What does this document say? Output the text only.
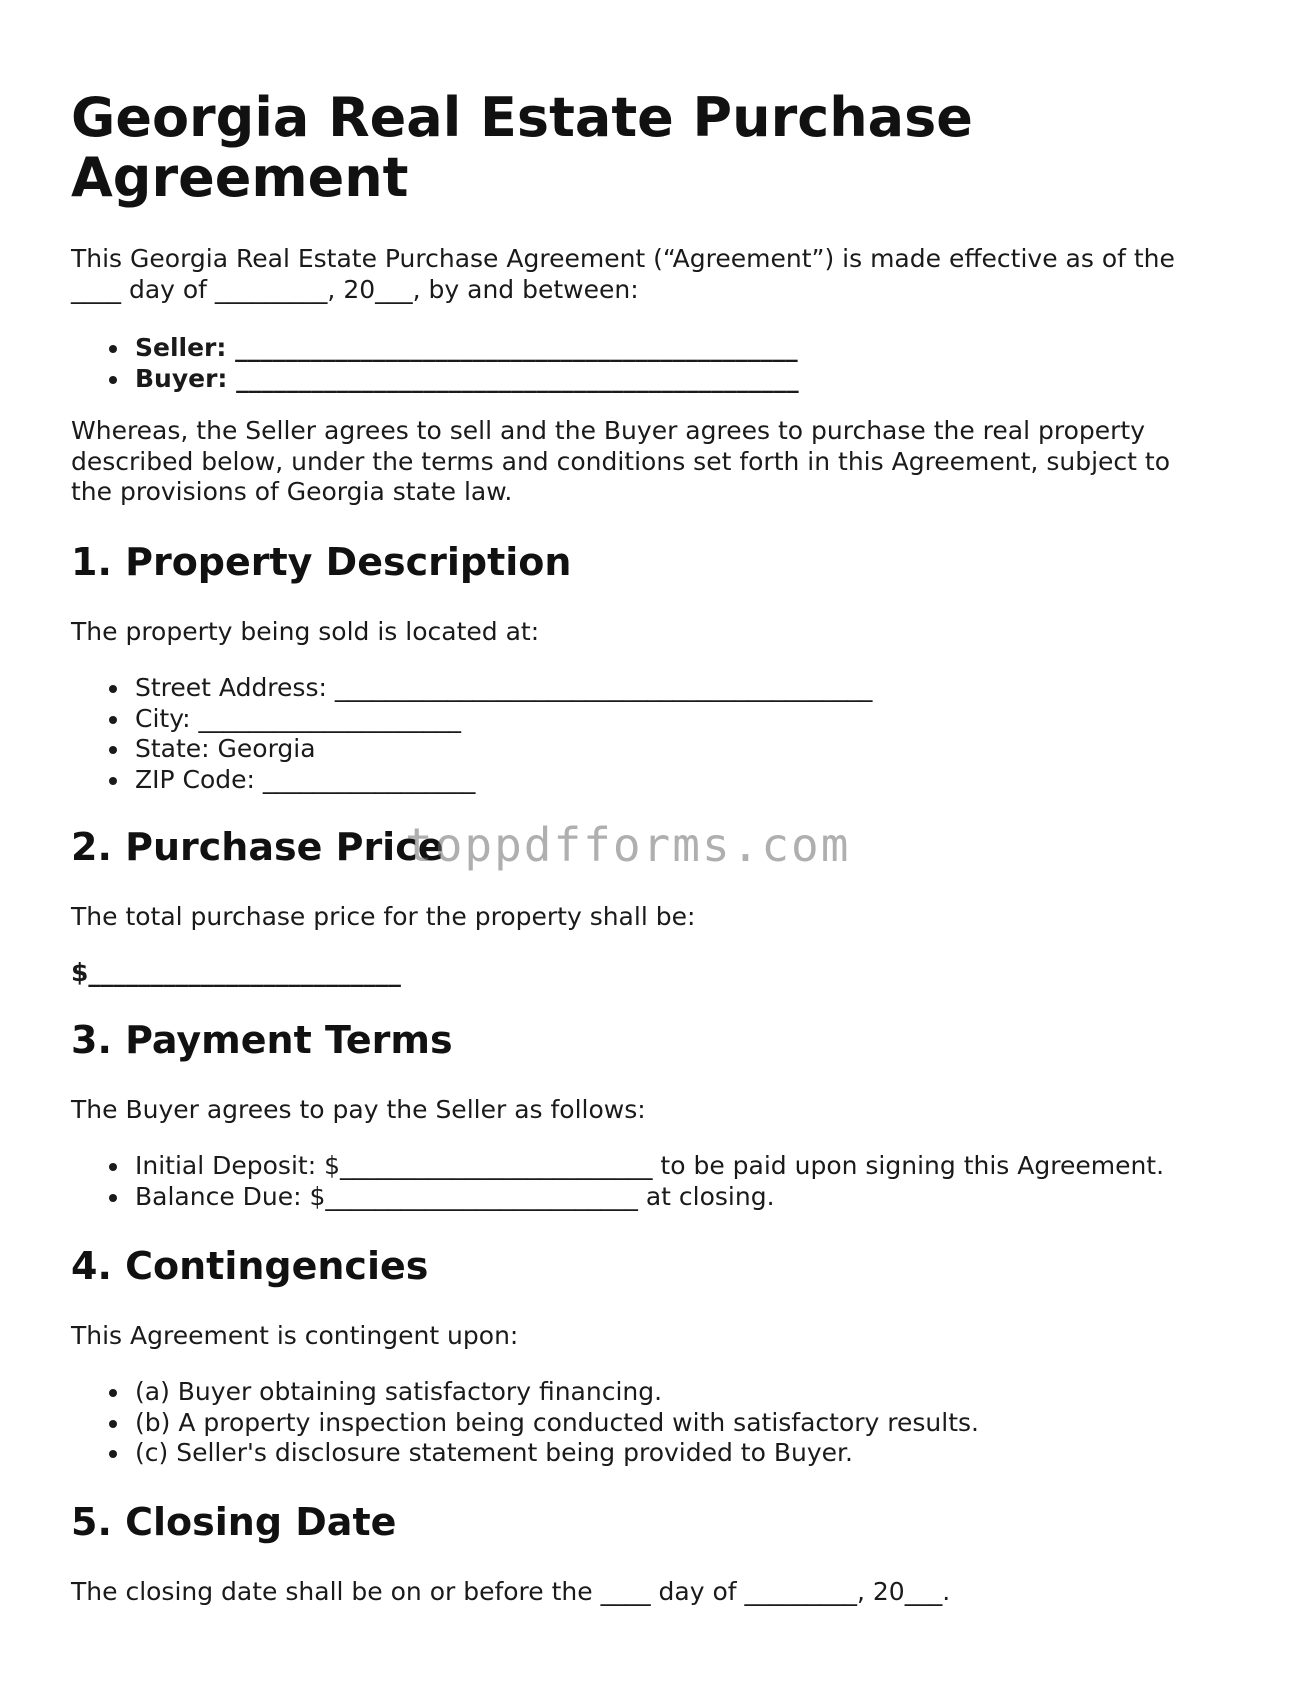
Georgia Real Estate Purchase Agreement
This Georgia Real Estate Purchase Agreement (“Agreement”) is made effective as of the
____ day of _________, 20___, by and between:
Seller: _____________________________________________
Buyer: _____________________________________________
Whereas, the Seller agrees to sell and the Buyer agrees to purchase the real property
described below, under the terms and conditions set forth in this Agreement, subject to
the provisions of Georgia state law.
1. Property Description
The property being sold is located at:
Street Address: ___________________________________________
City: _____________________
State: Georgia
ZIP Code: _________________
2. Purchase Price
The total purchase price for the property shall be:
$_________________________
3. Payment Terms
The Buyer agrees to pay the Seller as follows:
Initial Deposit: $_________________________ to be paid upon signing this Agreement.
Balance Due: $_________________________ at closing.
4. Contingencies
This Agreement is contingent upon:
(a) Buyer obtaining satisfactory financing.
(b) A property inspection being conducted with satisfactory results.
(c) Seller's disclosure statement being provided to Buyer.
5. Closing Date
The closing date shall be on or before the ____ day of _________, 20___.
toppdfforms.com
